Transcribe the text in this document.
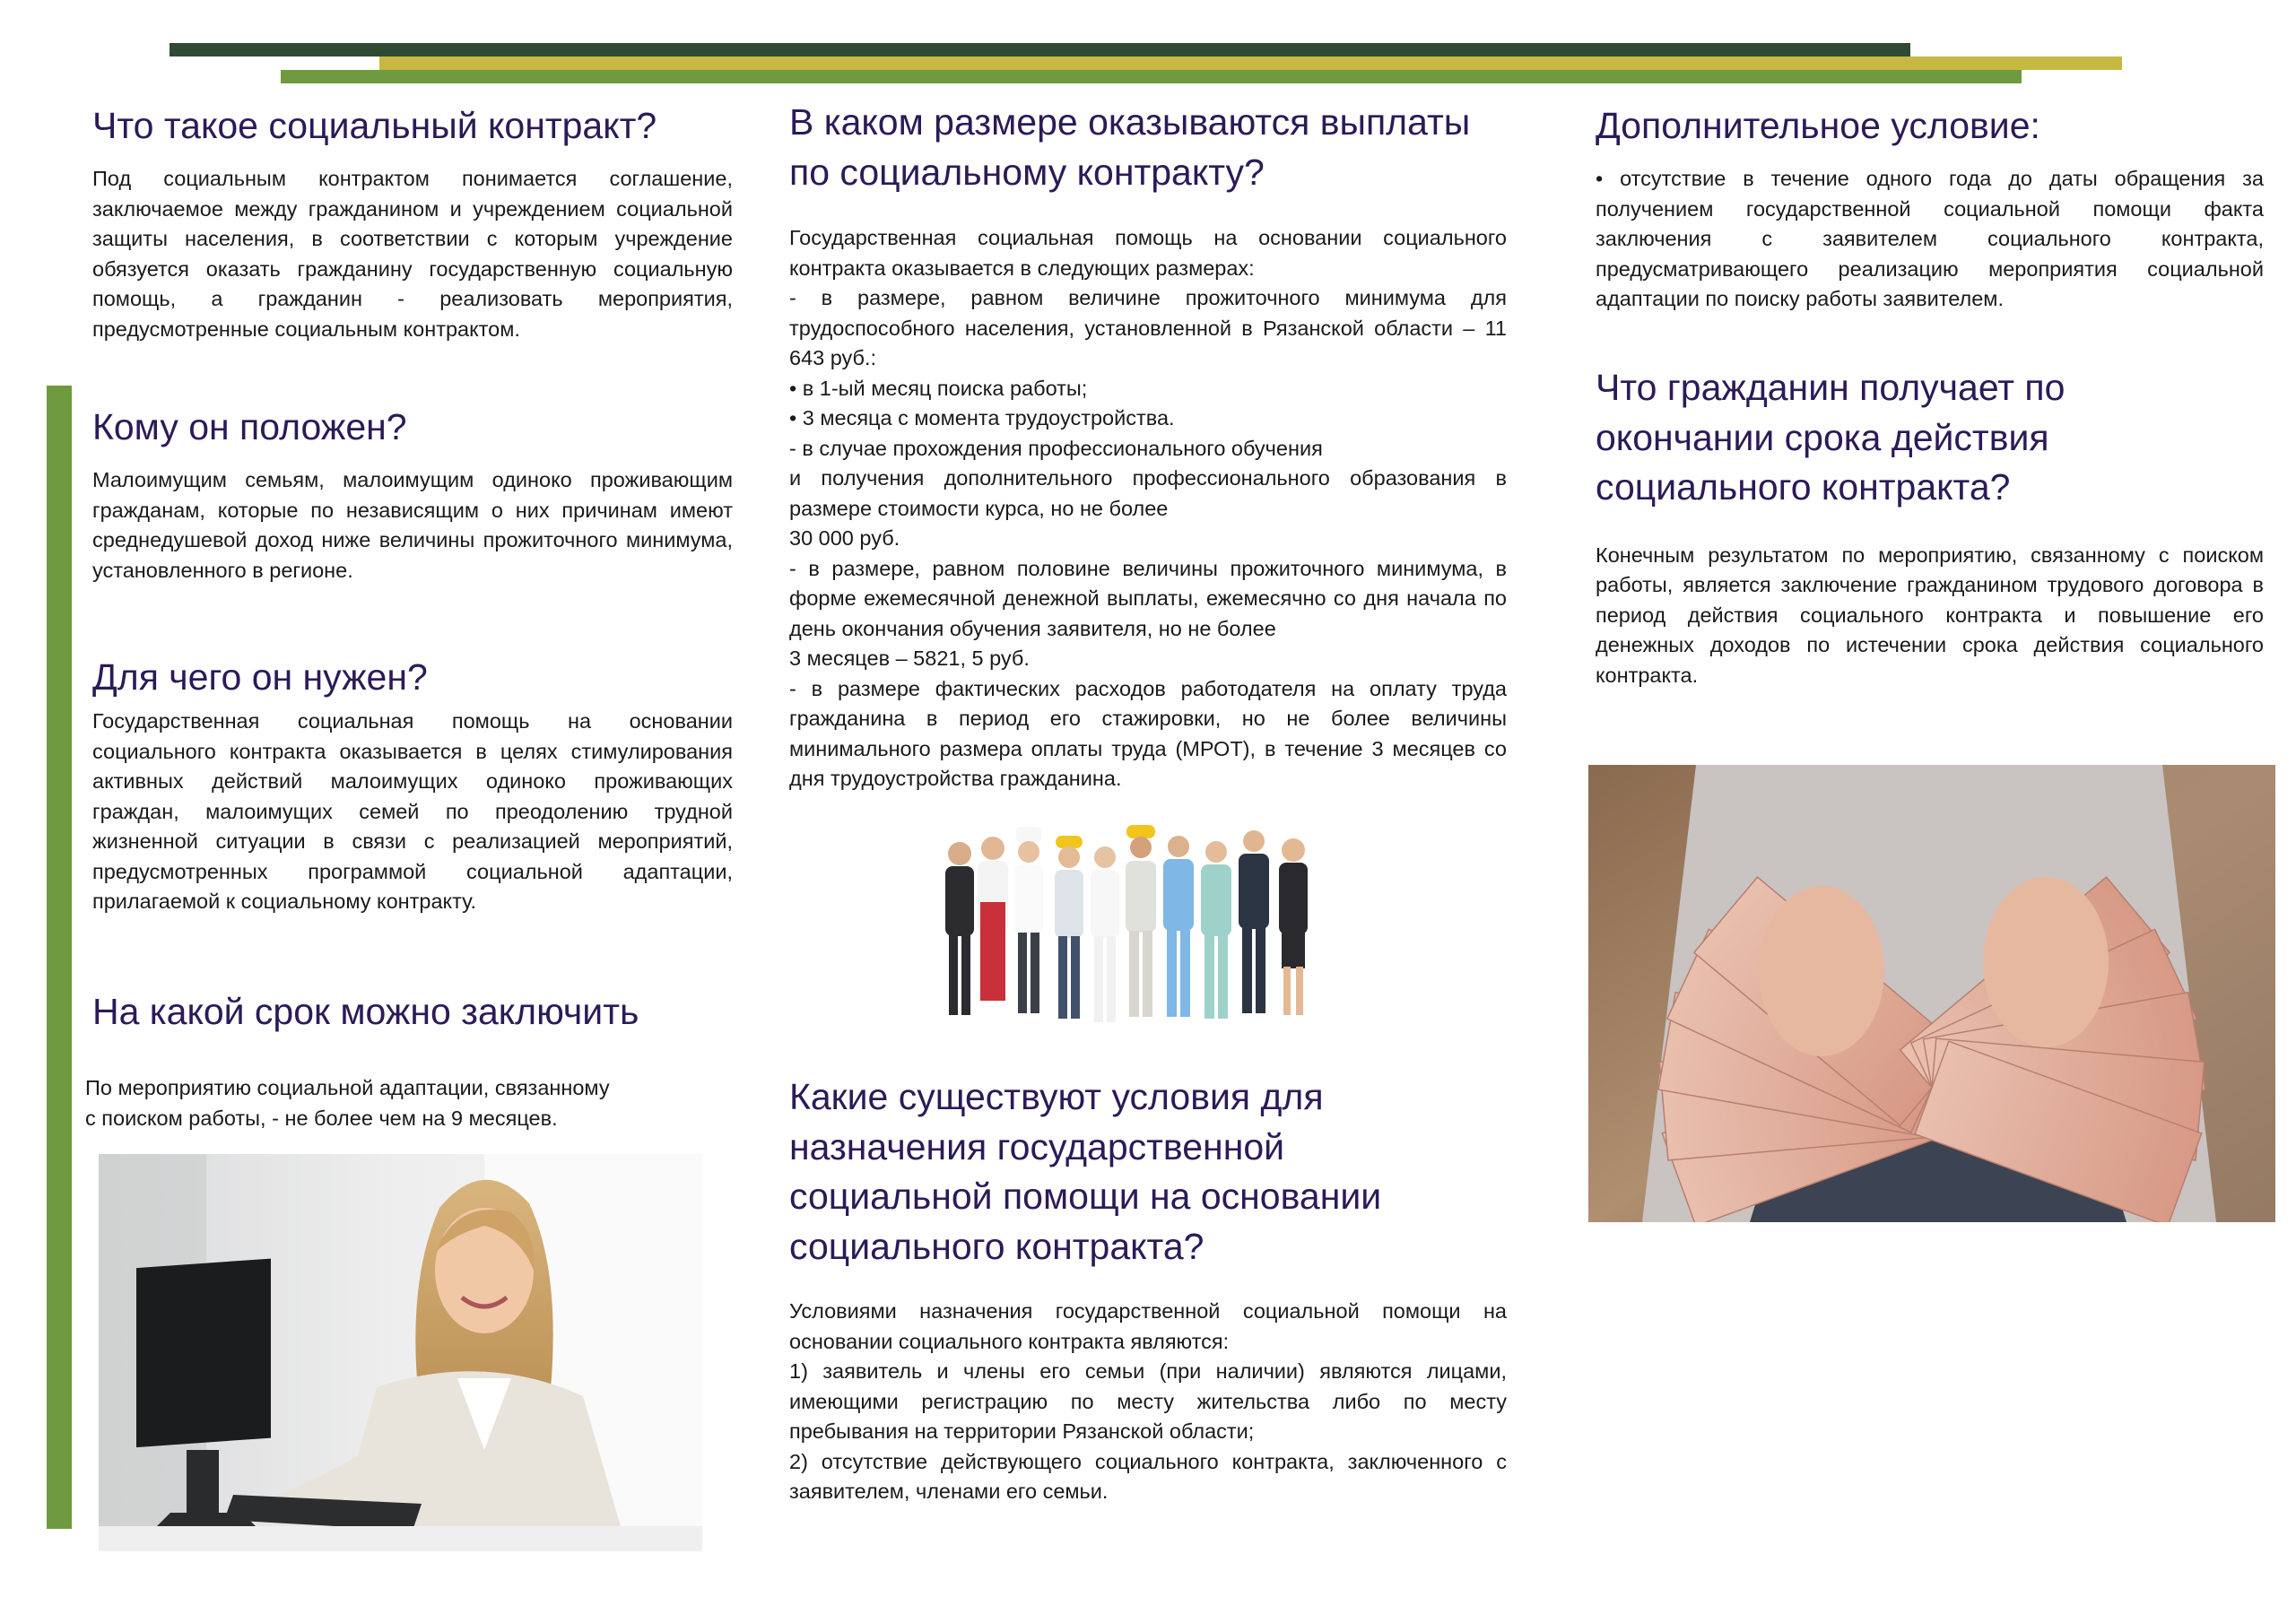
Что такое социальный контракт?

Под социальным контрактом понимается соглашение, заключаемое между гражданином и учреждением социальной защиты населения, в соответствии с которым учреждение обязуется оказать гражданину государственную социальную помощь, а гражданин - реализовать мероприятия, предусмотренные социальным контрактом.

Кому он положен?

Малоимущим семьям, малоимущим одиноко проживающим гражданам, которые по независящим о них причинам имеют среднедушевой доход ниже величины прожиточного минимума, установленного в регионе.

Для чего он нужен?

Государственная социальная помощь на основании социального контракта оказывается в целях стимулирования активных действий малоимущих одиноко проживающих граждан, малоимущих семей по преодолению трудной жизненной ситуации в связи с реализацией мероприятий, предусмотренных программой социальной адаптации, прилагаемой к социальному контракту.

На какой срок можно заключить

По мероприятию социальной адаптации, связанному
с поиском работы, - не более чем на 9 месяцев.

В каком размере оказываются выплаты
по социальному контракту?

Государственная социальная помощь на основании социального контракта оказывается в следующих размерах:
- в размере, равном величине прожиточного минимума для трудоспособного населения, установленной в Рязанской области – 11 643 руб.:
• в 1-ый месяц поиска работы;
• 3 месяца с момента трудоустройства.
- в случае прохождения профессионального обучения
и получения дополнительного профессионального образования в размере стоимости курса, но не более
30 000 руб.
- в размере, равном половине величины прожиточного минимума, в форме ежемесячной денежной выплаты, ежемесячно со дня начала по день окончания обучения заявителя, но не более
3 месяцев – 5821, 5 руб.
- в размере фактических расходов работодателя на оплату труда гражданина в период его стажировки, но не более величины минимального размера оплаты труда (МРОТ), в течение 3 месяцев со дня трудоустройства гражданина.

Какие существуют условия для
назначения государственной
социальной помощи на основании
социального контракта?

Условиями назначения государственной социальной помощи на основании социального контракта являются:
1) заявитель и члены его семьи (при наличии) являются лицами, имеющими регистрацию по месту жительства либо по месту пребывания на территории Рязанской области;
2) отсутствие действующего социального контракта, заключенного с заявителем, членами его семьи.

Дополнительное условие:

• отсутствие в течение одного года до даты обращения за получением государственной социальной помощи факта заключения с заявителем социального контракта, предусматривающего реализацию мероприятия социальной адаптации по поиску работы заявителем.

Что гражданин получает по
окончании срока действия
социального контракта?

Конечным результатом по мероприятию, связанному с поиском работы, является заключение гражданином трудового договора в период действия социального контракта и повышение его денежных доходов по истечении срока действия социального контракта.
